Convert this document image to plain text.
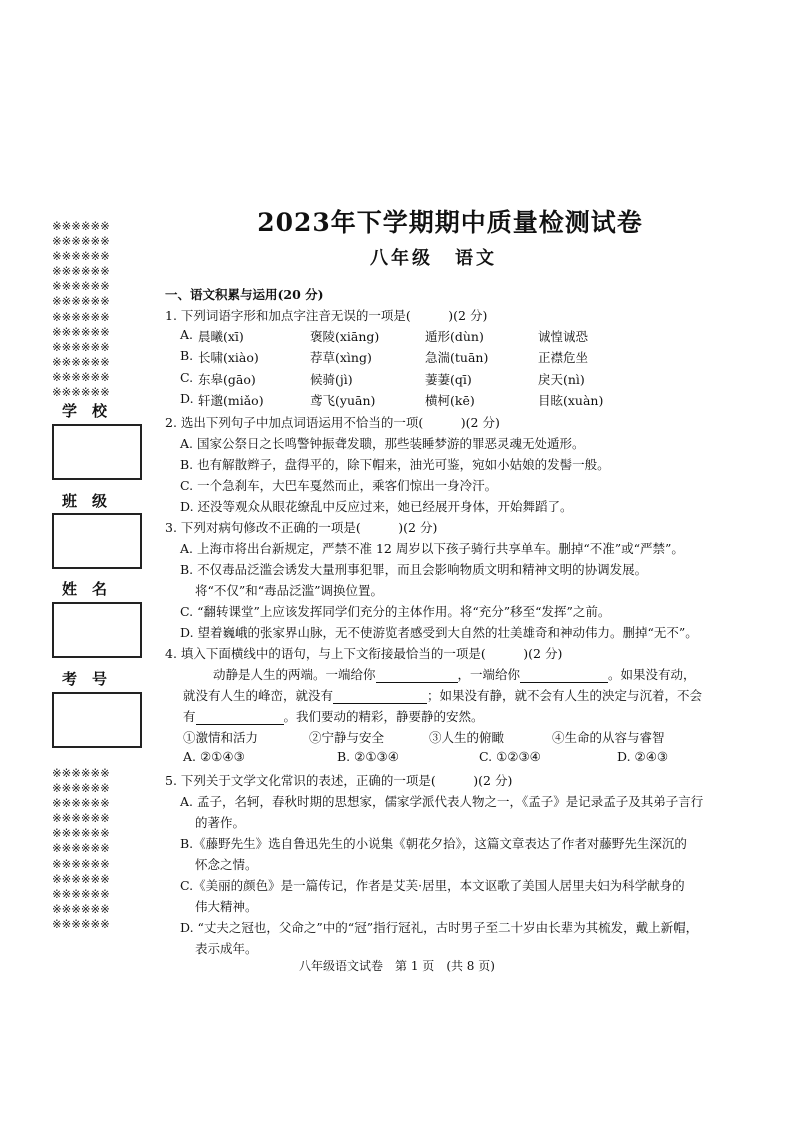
※※※※※※
※※※※※※
※※※※※※
※※※※※※
※※※※※※
※※※※※※
※※※※※※
※※※※※※
※※※※※※
※※※※※※
※※※※※※
※※※※※※
学　校
班　级
姓　名
考　号
※※※※※※
※※※※※※
※※※※※※
※※※※※※
※※※※※※
※※※※※※
※※※※※※
※※※※※※
※※※※※※
※※※※※※
※※※※※※
2023年下学期期中质量检测试卷
八年级 语文
一、语文积累与运用(20 分)
1. 下列词语字形和加点字注音无误的一项是(　　　)(2 分)
A. 晨曦(xī)	褒陵(xiāng)	遁形(dùn)	诚惶诚恐
B. 长啸(xiào)	荐草(xìng)	急湍(tuān)	正襟危坐
C. 东皋(gāo)	候骑(jì)	萋萋(qī)	戾天(nì)
D. 轩邈(miǎo)	鸢飞(yuān)	横柯(kē)	目眩(xuàn)
2. 选出下列句子中加点词语运用不恰当的一项(　　　)(2 分)
A. 国家公祭日之长鸣警钟振聋发聩，那些装睡梦游的罪恶灵魂无处遁形。
B. 也有解散辫子，盘得平的，除下帽来，油光可鉴，宛如小姑娘的发髻一般。
C. 一个急刹车，大巴车戛然而止，乘客们惊出一身冷汗。
D. 还没等观众从眼花缭乱中反应过来，她已经展开身体，开始舞蹈了。
3. 下列对病句修改不正确的一项是(　　　)(2 分)
A. 上海市将出台新规定，严禁不准 12 周岁以下孩子骑行共享单车。删掉“不准”或“严禁”。
B. 不仅毒品泛滥会诱发大量刑事犯罪，而且会影响物质文明和精神文明的协调发展。
将“不仅”和“毒品泛滥”调换位置。
C. “翻转课堂”上应该发挥同学们充分的主体作用。将“充分”移至“发挥”之前。
D. 望着巍峨的张家界山脉，无不使游览者感受到大自然的壮美雄奇和神动伟力。删掉“无不”。
4. 填入下面横线中的语句，与上下文衔接最恰当的一项是(　　　)(2 分)
动静是人生的两端。一端给你	，一端给你	。如果没有动，
就没有人生的峰峦，就没有	；如果没有静，就不会有人生的泱定与沉着，不会
有	。我们要动的精彩，静要静的安然。
①激情和活力	②宁静与安全	③人生的俯瞰	④生命的从容与睿智
A. ②①④③	B. ②①③④	C. ①②③④	D. ②④③
5. 下列关于文学文化常识的表述，正确的一项是(　　　)(2 分)
A. 孟子，名轲，春秋时期的思想家，儒家学派代表人物之一，《孟子》是记录孟子及其弟子言行
的著作。
B.《藤野先生》选自鲁迅先生的小说集《朝花夕拾》，这篇文章表达了作者对藤野先生深沉的
怀念之情。
C.《美丽的颜色》是一篇传记，作者是艾芙·居里，本文讴歌了美国人居里夫妇为科学献身的
伟大精神。
D. “丈夫之冠也，父命之”中的“冠”指行冠礼，古时男子至二十岁由长辈为其梳发，戴上新帽，
表示成年。
八年级语文试卷 第 1 页 (共 8 页)
